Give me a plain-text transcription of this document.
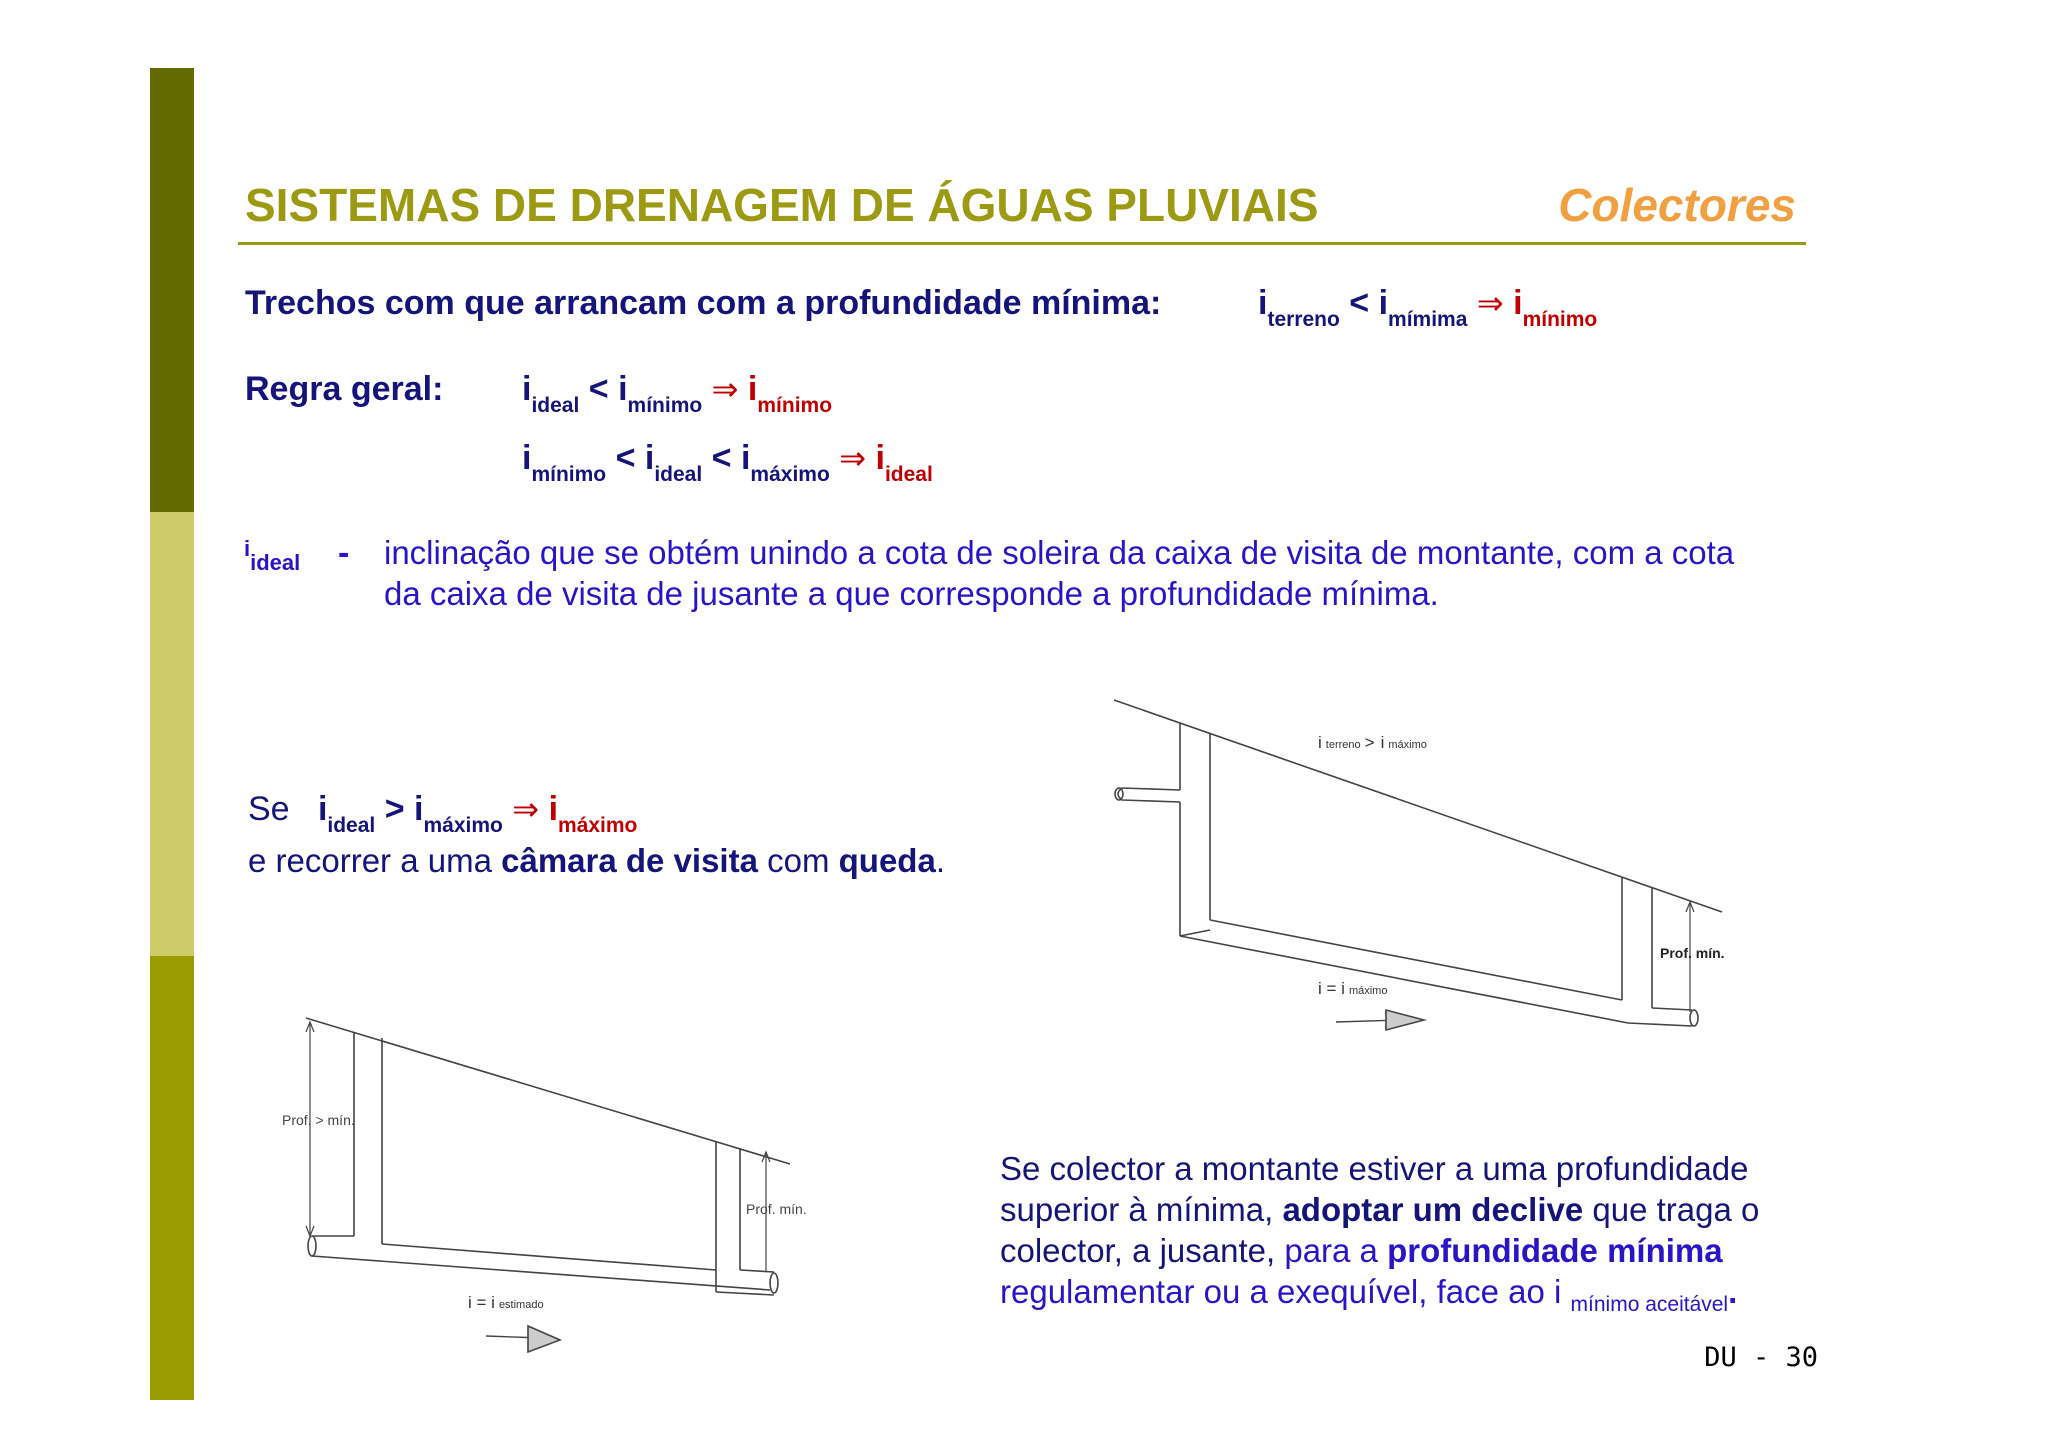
SISTEMAS DE DRENAGEM DE ÁGUAS PLUVIAIS	Colectores
Trechos com que arrancam com a profundidade mínima:	$i_{terreno} < i_{mímima}$ ⇒ $i_{mínimo}$
Regra geral: $i_{ideal} < i_{mínimo}$ ⇒ $i_{mínimo}$
$i_{mínimo} < i_{ideal} < i_{máximo}$ ⇒ $i_{ideal}$
$i_{ideal}$ - inclinação que se obtém unindo a cota de soleira da caixa de visita de montante, com a cota
da caixa de visita de jusante a que corresponde a profundidade mínima.
Se $i_{ideal} > i_{máximo}$ ⇒ $i_{máximo}$
e recorrer a uma câmara de visita com queda.
iterreno > i máximo
Prof. mín.
i = i máximo
Prof. > mín.
Prof. mín.
i = i estimado
Se colector a montante estiver a uma profundidade
superior à mínima, adoptar um declive que traga o
colector, a jusante, para a profundidade mínima
regulamentar ou a exequível, face ao i $_{mínimo aceitável}$.
DU - 30
